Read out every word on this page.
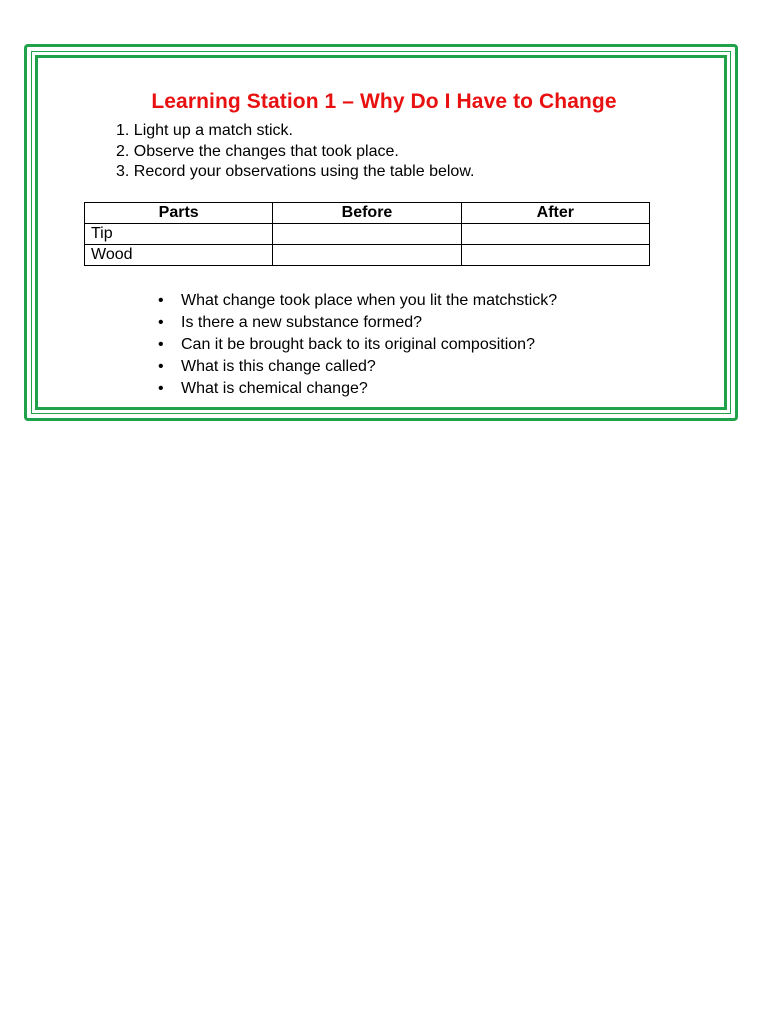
Learning Station 1 – Why Do I Have to Change
1. Light up a match stick.
2. Observe the changes that took place.
3. Record your observations using the table below.
Parts	Before	After
Tip		
Wood		
• What change took place when you lit the matchstick?
• Is there a new substance formed?
• Can it be brought back to its original composition?
• What is this change called?
• What is chemical change?
